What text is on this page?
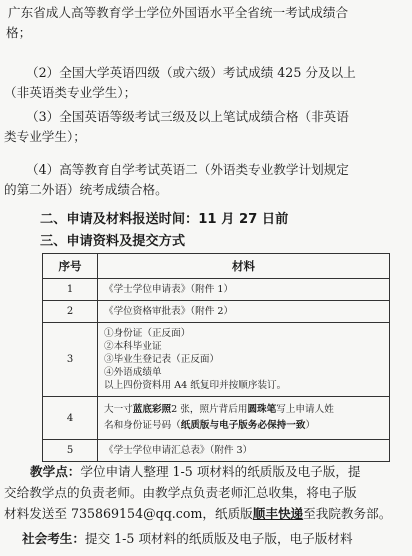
广东省成人高等教育学士学位外国语水平全省统一考试成绩合
格；
（2）全国大学英语四级（或六级）考试成绩 425 分及以上
（非英语类专业学生）；
（3）全国英语等级考试三级及以上笔试成绩合格（非英语
类专业学生）；
（4）高等教育自学考试英语二（外语类专业教学计划规定
的第二外语）统考成绩合格。
二、申请及材料报送时间：11 月 27 日前
三、申请资料及提交方式
序号	材料
1	《学士学位申请表》（附件 1）
2	《学位资格审批表》（附件 2）
3	①身份证（正反面）
②本科毕业证
③毕业生登记表（正反面）
④外语成绩单
以上四份资料用 A4 纸复印并按顺序装订。

4	大一寸蓝底彩照2 张，照片背后用圆珠笔写上申请人姓
名和身份证号码（纸质版与电子版务必保持一致）
5	《学士学位申请汇总表》（附件 3）
教学点：学位申请人整理 1-5 项材料的纸质版及电子版，提
交给教学点的负责老师。由教学点负责老师汇总收集，将电子版
材料发送至 735869154@qq.com，纸质版顺丰快递至我院教务部。
社会考生：提交 1-5 项材料的纸质版及电子版，电子版材料
